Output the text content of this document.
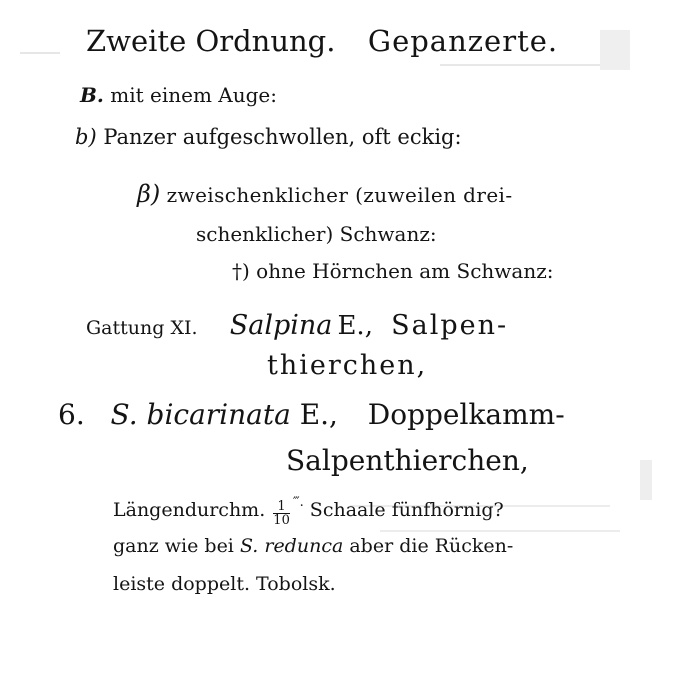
Zweite Ordnung. Gepanzerte.
B. mit einem Auge:
b) Panzer aufgeschwollen, oft eckig:
β) zweischenklicher (zuweilen drei-
schenklicher) Schwanz:
†) ohne Hörnchen am Schwanz:
Gattung XI. Salpina E., Salpen-
thierchen,
6. S. bicarinata E., Doppelkamm-
Salpenthierchen,
Längendurchm. $\frac{1}{10} ^{‴.}$ Schaale fünfhörnig?
ganz wie bei S. redunca aber die Rücken-
leiste doppelt. Tobolsk.
